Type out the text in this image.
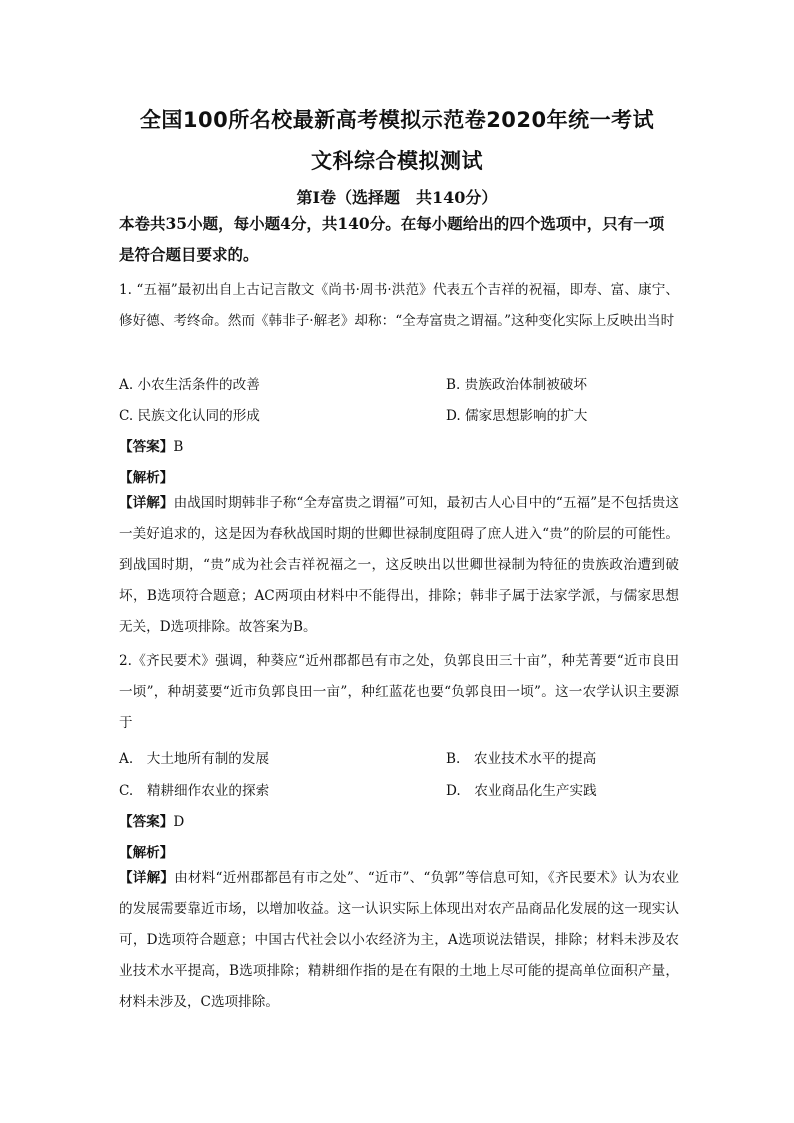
全国100所名校最新高考模拟示范卷2020年统一考试
文科综合模拟测试
第I卷（选择题　共140分）

本卷共35小题，每小题4分，共140分。在每小题给出的四个选项中，只有一项是符合题目要求的。

1. “五福”最初出自上古记言散文《尚书·周书·洪范》代表五个吉祥的祝福，即寿、富、康宁、修好德、考终命。然而《韩非子·解老》却称：“全寿富贵之谓福。”这种变化实际上反映出当时

A. 小农生活条件的改善	B. 贵族政治体制被破坏
C. 民族文化认同的形成	D. 儒家思想影响的扩大
【答案】B
【解析】

【详解】由战国时期韩非子称“全寿富贵之谓福”可知，最初古人心目中的“五福”是不包括贵这一美好追求的，这是因为春秋战国时期的世卿世禄制度阻碍了庶人进入“贵”的阶层的可能性。到战国时期，“贵”成为社会吉祥祝福之一，这反映出以世卿世禄制为特征的贵族政治遭到破坏，B选项符合题意；AC两项由材料中不能得出，排除；韩非子属于法家学派，与儒家思想无关，D选项排除。故答案为B。

2.《齐民要术》强调，种葵应“近州郡都邑有市之处，负郭良田三十亩”，种芜菁要“近市良田一顷”，种胡荽要“近市负郭良田一亩”，种红蓝花也要“负郭良田一顷”。这一农学认识主要源于

A.　大土地所有制的发展	B.　农业技术水平的提高
C.　精耕细作农业的探索	D.　农业商品化生产实践
【答案】D
【解析】

【详解】由材料“近州郡都邑有市之处”、“近市”、“负郭”等信息可知，《齐民要术》认为农业的发展需要靠近市场，以增加收益。这一认识实际上体现出对农产品商品化发展的这一现实认可，D选项符合题意；中国古代社会以小农经济为主，A选项说法错误，排除；材料未涉及农业技术水平提高，B选项排除；精耕细作指的是在有限的土地上尽可能的提高单位面积产量，材料未涉及，C选项排除。
